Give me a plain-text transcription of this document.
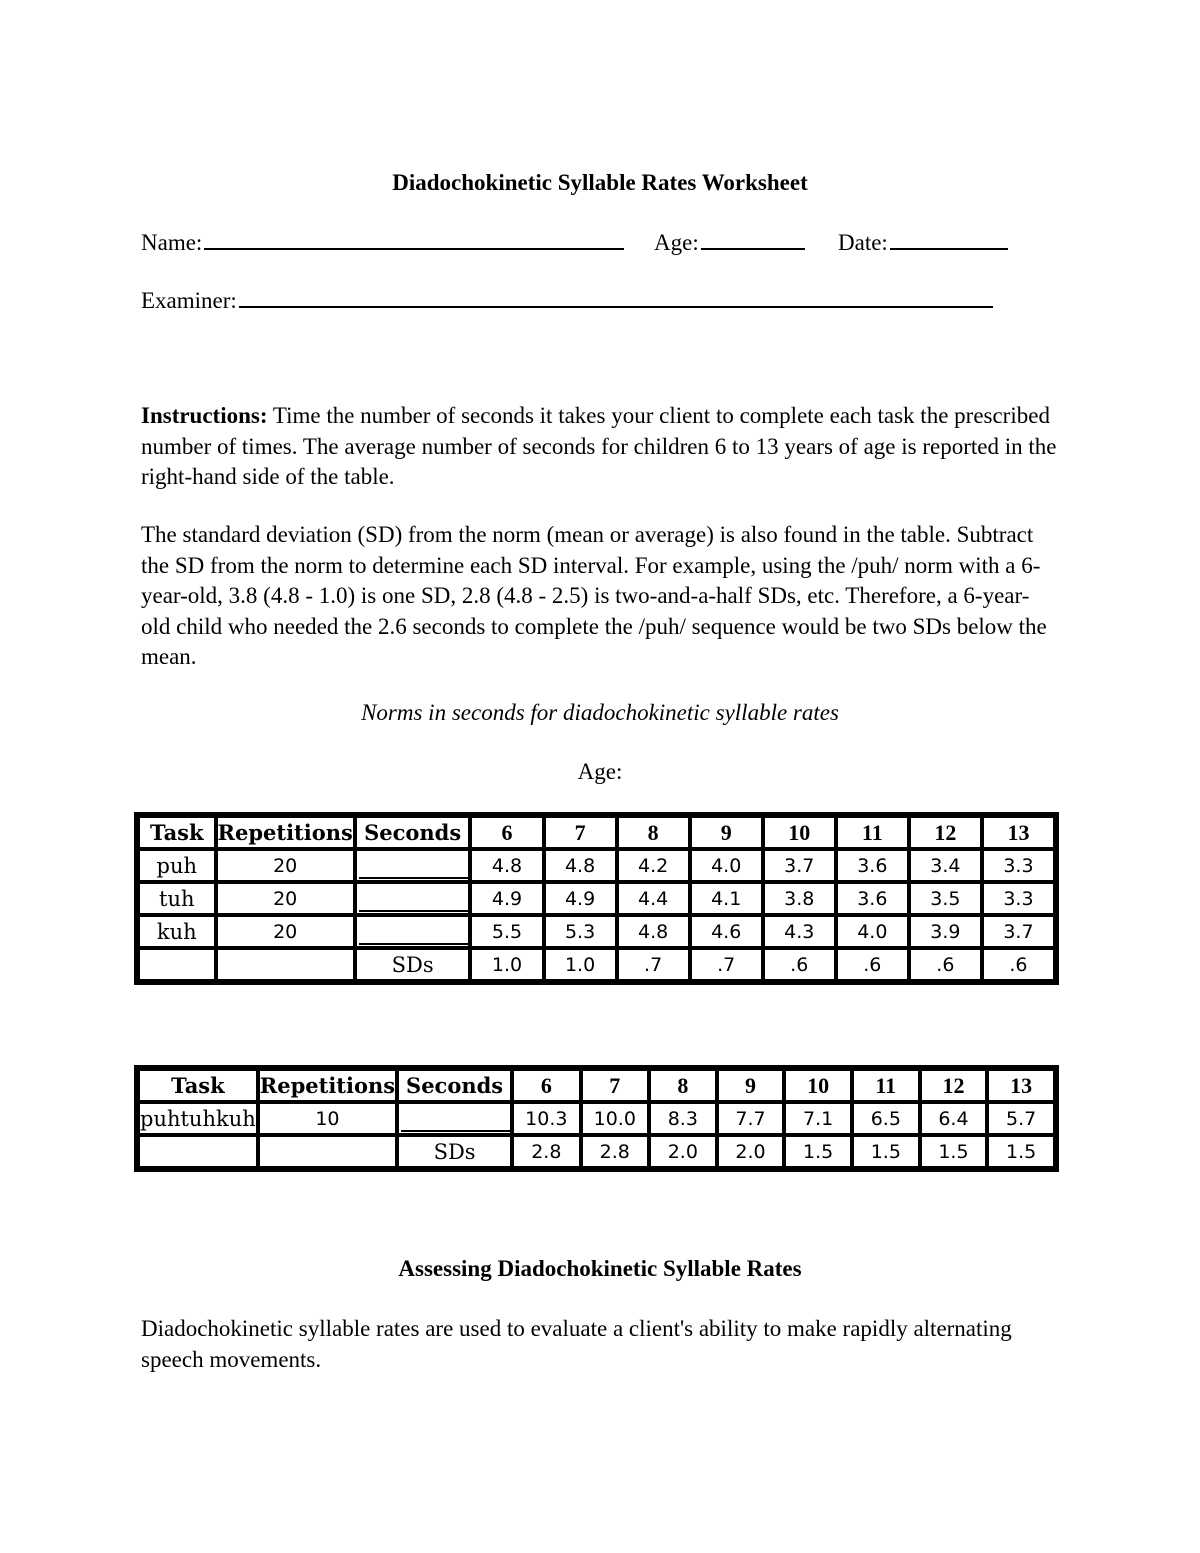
Diadochokinetic Syllable Rates Worksheet
Name:	Age:	Date:
Examiner:
Instructions: Time the number of seconds it takes your client to complete each task the prescribed number of times. The average number of seconds for children 6 to 13 years of age is reported in the right-hand side of the table.
The standard deviation (SD) from the norm (mean or average) is also found in the table. Subtract the SD from the norm to determine each SD interval. For example, using the /puh/ norm with a 6-year-old, 3.8 (4.8 - 1.0) is one SD, 2.8 (4.8 - 2.5) is two-and-a-half SDs, etc. Therefore, a 6-year-old child who needed the 2.6 seconds to complete the /puh/ sequence would be two SDs below the mean.
Norms in seconds for diadochokinetic syllable rates
Age:
Task	Repetitions	Seconds	6	7	8	9	10	11	12	13
puh	20		4.8	4.8	4.2	4.0	3.7	3.6	3.4	3.3
tuh	20		4.9	4.9	4.4	4.1	3.8	3.6	3.5	3.3
kuh	20		5.5	5.3	4.8	4.6	4.3	4.0	3.9	3.7
		SDs	1.0	1.0	.7	.7	.6	.6	.6	.6
Task	Repetitions	Seconds	6	7	8	9	10	11	12	13
puhtuhkuh	10		10.3	10.0	8.3	7.7	7.1	6.5	6.4	5.7
		SDs	2.8	2.8	2.0	2.0	1.5	1.5	1.5	1.5
Assessing Diadochokinetic Syllable Rates
Diadochokinetic syllable rates are used to evaluate a client's ability to make rapidly alternating speech movements.
